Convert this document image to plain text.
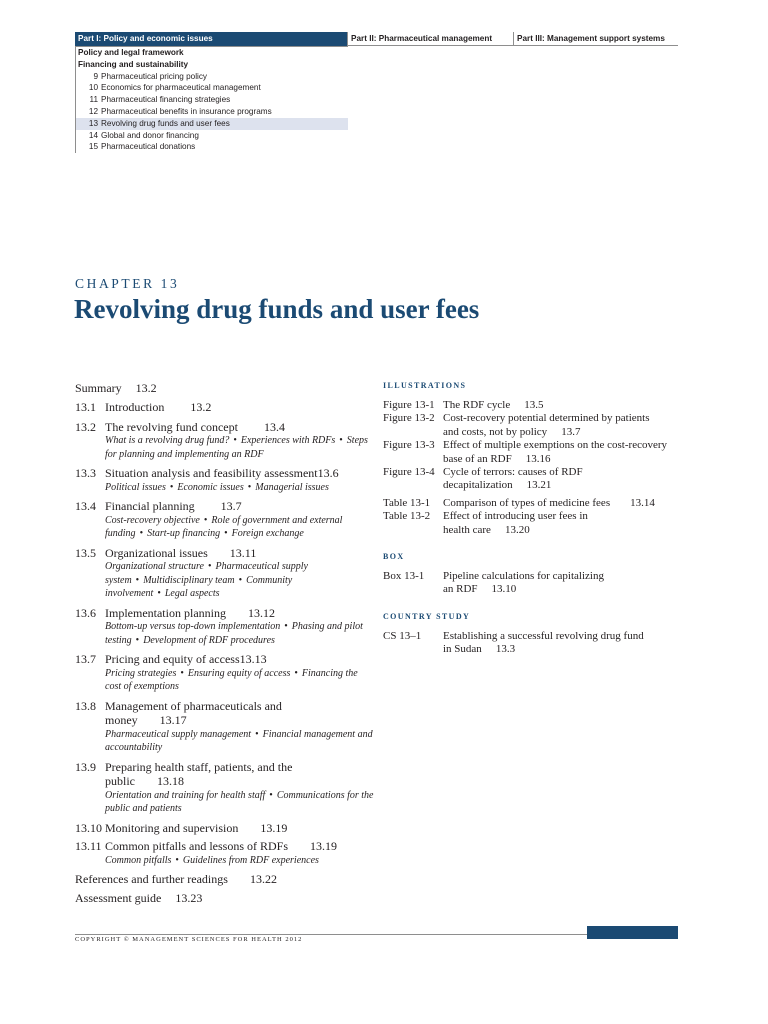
Part I: Policy and economic issues	Part II: Pharmaceutical management	Part III: Management support systems
Policy and legal framework
Financing and sustainability
9 Pharmaceutical pricing policy
10 Economics for pharmaceutical management
11 Pharmaceutical financing strategies
12 Pharmaceutical benefits in insurance programs
13 Revolving drug funds and user fees
14 Global and donor financing
15 Pharmaceutical donations
CHAPTER 13
Revolving drug funds and user fees
Summary 13.2
13.1 Introduction 13.2
13.2 The revolving fund concept 13.4
What is a revolving drug fund? • Experiences with RDFs • Steps for planning and implementing an RDF
13.3 Situation analysis and feasibility assessment13.6
Political issues • Economic issues • Managerial issues
13.4 Financial planning 13.7
Cost-recovery objective • Role of government and external funding • Start-up financing • Foreign exchange
13.5 Organizational issues 13.11
Organizational structure • Pharmaceutical supply system • Multidisciplinary team • Community involvement • Legal aspects
13.6 Implementation planning 13.12
Bottom-up versus top-down implementation • Phasing and pilot testing • Development of RDF procedures
13.7 Pricing and equity of access13.13
Pricing strategies • Ensuring equity of access • Financing the cost of exemptions
13.8 Management of pharmaceuticals and
money 13.17
Pharmaceutical supply management • Financial management and accountability
13.9 Preparing health staff, patients, and the
public 13.18
Orientation and training for health staff • Communications for the public and patients
13.10 Monitoring and supervision 13.19
13.11 Common pitfalls and lessons of RDFs 13.19
Common pitfalls • Guidelines from RDF experiences
References and further readings 13.22
Assessment guide 13.23
ILLUSTRATIONS
Figure 13-1 The RDF cycle 13.5
Figure 13-2 Cost-recovery potential determined by patients
and costs, not by policy 13.7
Figure 13-3 Effect of multiple exemptions on the cost-recovery
base of an RDF 13.16
Figure 13-4 Cycle of terrors: causes of RDF
decapitalization 13.21
Table 13-1	Comparison of types of medicine fees 13.14
Table 13-2	Effect of introducing user fees in
health care 13.20
BOX
Box 13-1	Pipeline calculations for capitalizing
an RDF 13.10
COUNTRY STUDY
CS 13–1	Establishing a successful revolving drug fund
in Sudan 13.3
COPYRIGHT © MANAGEMENT SCIENCES FOR HEALTH 2012
